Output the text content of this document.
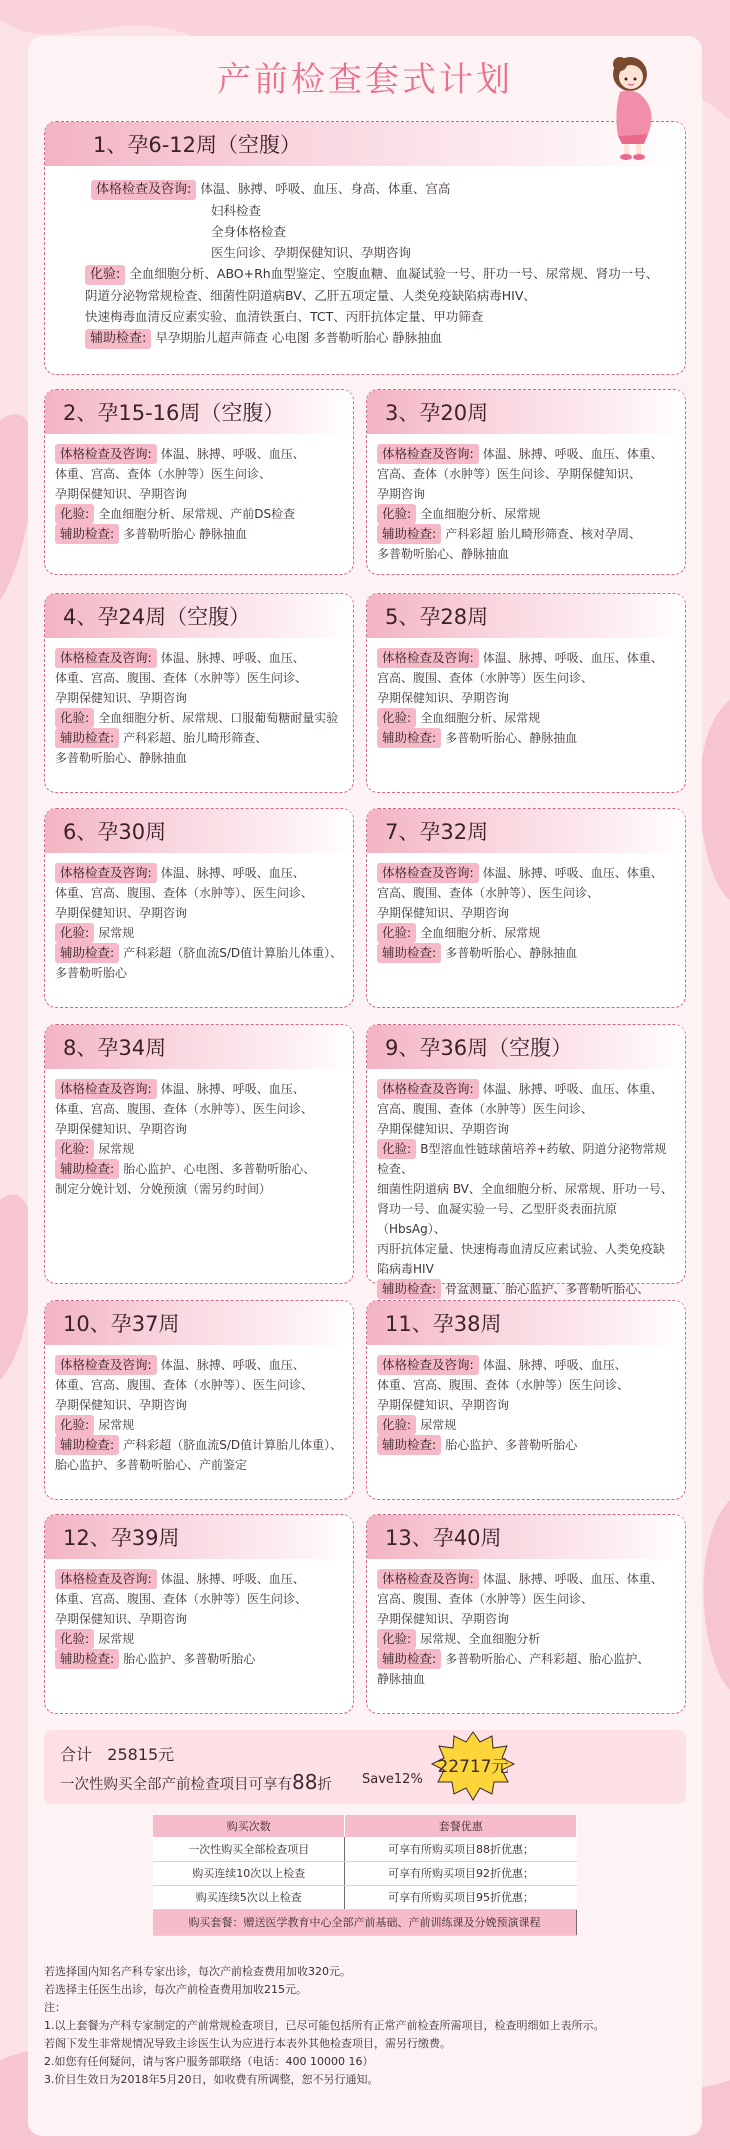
产前检查套式计划
1、孕6-12周（空腹）
体格检查及咨询: 体温、脉搏、呼吸、血压、身高、体重、宫高
妇科检查
全身体格检查
医生问诊、孕期保健知识、孕期咨询
化验: 全血细胞分析、ABO+Rh血型鉴定、空腹血糖、血凝试验一号、肝功一号、尿常规、肾功一号、
阴道分泌物常规检查、细菌性阴道病BV、乙肝五项定量、人类免疫缺陷病毒HIV、
快速梅毒血清反应素实验、血清铁蛋白、TCT、丙肝抗体定量、甲功筛查
辅助检查: 早孕期胎儿超声筛查 心电图 多普勒听胎心 静脉抽血
2、孕15-16周（空腹）
体格检查及咨询: 体温、脉搏、呼吸、血压、
体重、宫高、查体（水肿等）医生问诊、
孕期保健知识、孕期咨询
化验: 全血细胞分析、尿常规、产前DS检查
辅助检查: 多普勒听胎心 静脉抽血
3、孕20周
体格检查及咨询: 体温、脉搏、呼吸、血压、体重、
宫高、查体（水肿等）医生问诊、孕期保健知识、
孕期咨询
化验: 全血细胞分析、尿常规
辅助检查: 产科彩超 胎儿畸形筛查、核对孕周、
多普勒听胎心、静脉抽血
4、孕24周（空腹）
体格检查及咨询: 体温、脉搏、呼吸、血压、
体重、宫高、腹围、查体（水肿等）医生问诊、
孕期保健知识、孕期咨询
化验: 全血细胞分析、尿常规、口服葡萄糖耐量实验
辅助检查: 产科彩超、胎儿畸形筛查、
多普勒听胎心、静脉抽血
5、孕28周
体格检查及咨询: 体温、脉搏、呼吸、血压、体重、
宫高、腹围、查体（水肿等）医生问诊、
孕期保健知识、孕期咨询
化验: 全血细胞分析、尿常规
辅助检查: 多普勒听胎心、静脉抽血
6、孕30周
体格检查及咨询: 体温、脉搏、呼吸、血压、
体重、宫高、腹围、查体（水肿等）、医生问诊、
孕期保健知识、孕期咨询
化验: 尿常规
辅助检查: 产科彩超（脐血流S/D值计算胎儿体重）、
多普勒听胎心
7、孕32周
体格检查及咨询: 体温、脉搏、呼吸、血压、体重、
宫高、腹围、查体（水肿等）、医生问诊、
孕期保健知识、孕期咨询
化验: 全血细胞分析、尿常规
辅助检查: 多普勒听胎心、静脉抽血
8、孕34周
体格检查及咨询: 体温、脉搏、呼吸、血压、
体重、宫高、腹围、查体（水肿等）、医生问诊、
孕期保健知识、孕期咨询
化验: 尿常规
辅助检查: 胎心监护、心电图、多普勒听胎心、
制定分娩计划、分娩预演（需另约时间）
9、孕36周（空腹）
体格检查及咨询: 体温、脉搏、呼吸、血压、体重、
宫高、腹围、查体（水肿等）医生问诊、
孕期保健知识、孕期咨询
化验: B型溶血性链球菌培养+药敏、阴道分泌物常规检查、
细菌性阴道病 BV、全血细胞分析、尿常规、肝功一号、
肾功一号、血凝实验一号、乙型肝炎表面抗原（HbsAg）、
丙肝抗体定量、快速梅毒血清反应素试验、人类免疫缺陷病毒HIV
辅助检查: 骨盆测量、胎心监护、多普勒听胎心、
10、孕37周
体格检查及咨询: 体温、脉搏、呼吸、血压、
体重、宫高、腹围、查体（水肿等）、医生问诊、
孕期保健知识、孕期咨询
化验: 尿常规
辅助检查: 产科彩超（脐血流S/D值计算胎儿体重）、
胎心监护、多普勒听胎心、产前鉴定
11、孕38周
体格检查及咨询: 体温、脉搏、呼吸、血压、
体重、宫高、腹围、查体（水肿等）医生问诊、
孕期保健知识、孕期咨询
化验: 尿常规
辅助检查: 胎心监护、多普勒听胎心
12、孕39周
体格检查及咨询: 体温、脉搏、呼吸、血压、
体重、宫高、腹围、查体（水肿等）医生问诊、
孕期保健知识、孕期咨询
化验: 尿常规
辅助检查: 胎心监护、多普勒听胎心
13、孕40周
体格检查及咨询: 体温、脉搏、呼吸、血压、体重、
宫高、腹围、查体（水肿等）医生问诊、
孕期保健知识、孕期咨询
化验: 尿常规、全血细胞分析
辅助检查: 多普勒听胎心、产科彩超、胎心监护、
静脉抽血
合计 25815元
一次性购买全部产前检查项目可享有88折 Save12%
22717元
购买次数	套餐优惠
一次性购买全部检查项目	可享有所购买项目88折优惠；
购买连续10次以上检查	可享有所购买项目92折优惠；
购买连续5次以上检查	可享有所购买项目95折优惠；
购买套餐：赠送医学教育中心全部产前基础、产前训练课及分娩预演课程	
若选择国内知名产科专家出诊，每次产前检查费用加收320元。
若选择主任医生出诊，每次产前检查费用加收215元。
注：
1.以上套餐为产科专家制定的产前常规检查项目，已尽可能包括所有正常产前检查所需项目，检查明细如上表所示。
若阁下发生非常规情况导致主诊医生认为应进行本表外其他检查项目，需另行缴费。
2.如您有任何疑问，请与客户服务部联络（电话：400 10000 16）
3.价目生效日为2018年5月20日，如收费有所调整，恕不另行通知。
